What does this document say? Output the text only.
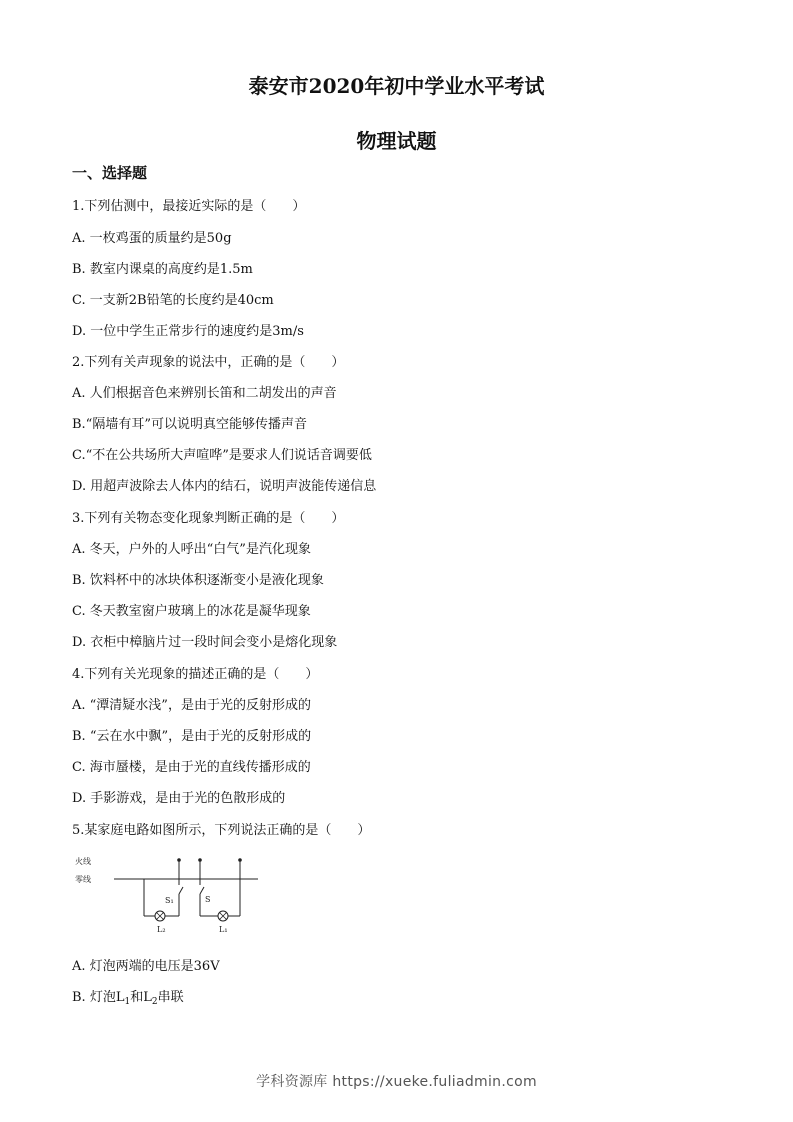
泰安市2020年初中学业水平考试
物理试题
一、选择题
1.下列估测中，最接近实际的是（　　）
A. 一枚鸡蛋的质量约是50g
B. 教室内课桌的高度约是1.5m
C. 一支新2B铅笔的长度约是40cm
D. 一位中学生正常步行的速度约是3m/s
2.下列有关声现象的说法中，正确的是（　　）
A. 人们根据音色来辨别长笛和二胡发出的声音
B.“隔墙有耳”可以说明真空能够传播声音
C.“不在公共场所大声喧哗”是要求人们说话音调要低
D. 用超声波除去人体内的结石，说明声波能传递信息
3.下列有关物态变化现象判断正确的是（　　）
A. 冬天，户外的人呼出“白气”是汽化现象
B. 饮料杯中的冰块体积逐渐变小是液化现象
C. 冬天教室窗户玻璃上的冰花是凝华现象
D. 衣柜中樟脑片过一段时间会变小是熔化现象
4.下列有关光现象的描述正确的是（　　）
A. “潭清疑水浅”，是由于光的反射形成的
B. “云在水中飘”，是由于光的反射形成的
C. 海市蜃楼，是由于光的直线传播形成的
D. 手影游戏，是由于光的色散形成的
5.某家庭电路如图所示，下列说法正确的是（　　）
火线
零线
S₁
L₂
S
L₁
A. 灯泡两端的电压是36V
B. 灯泡$L_1$和$L_2$串联
学科资源库 https://xueke.fuliadmin.com
